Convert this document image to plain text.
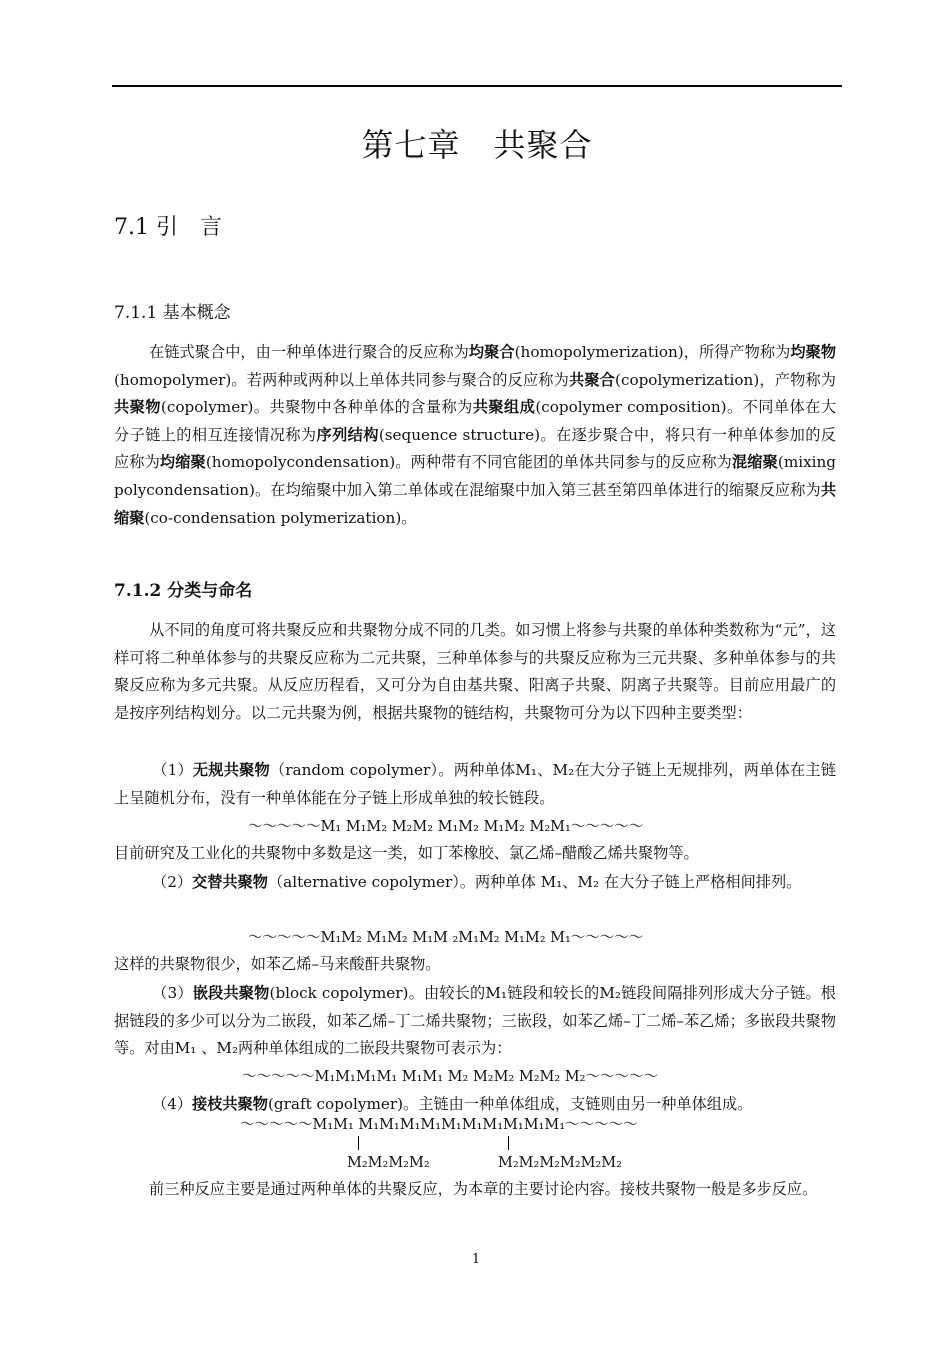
第七章　共聚合
7.1 引　言
7.1.1 基本概念
在链式聚合中，由一种单体进行聚合的反应称为均聚合(homopolymerization)，所得产物称为均聚物(homopolymer)。若两种或两种以上单体共同参与聚合的反应称为共聚合(copolymerization)，产物称为共聚物(copolymer)。共聚物中各种单体的含量称为共聚组成(copolymer composition)。不同单体在大分子链上的相互连接情况称为序列结构(sequence structure)。在逐步聚合中，将只有一种单体参加的反应称为均缩聚(homopolycondensation)。两种带有不同官能团的单体共同参与的反应称为混缩聚(mixing polycondensation)。在均缩聚中加入第二单体或在混缩聚中加入第三甚至第四单体进行的缩聚反应称为共缩聚(co-condensation polymerization)。
7.1.2 分类与命名
从不同的角度可将共聚反应和共聚物分成不同的几类。如习惯上将参与共聚的单体种类数称为“元”，这样可将二种单体参与的共聚反应称为二元共聚，三种单体参与的共聚反应称为三元共聚、多种单体参与的共聚反应称为多元共聚。从反应历程看，又可分为自由基共聚、阳离子共聚、阴离子共聚等。目前应用最广的是按序列结构划分。以二元共聚为例，根据共聚物的链结构，共聚物可分为以下四种主要类型：
（1）无规共聚物（random copolymer）。两种单体M₁、M₂在大分子链上无规排列，两单体在主链上呈随机分布，没有一种单体能在分子链上形成单独的较长链段。
～～～～～M₁ M₁M₂ M₂M₂ M₁M₂ M₁M₂ M₂M₁～～～～～
目前研究及工业化的共聚物中多数是这一类，如丁苯橡胶、氯乙烯–醋酸乙烯共聚物等。
（2）交替共聚物（alternative copolymer）。两种单体 M₁、M₂ 在大分子链上严格相间排列。
～～～～～M₁M₂ M₁M₂ M₁M ₂M₁M₂ M₁M₂ M₁～～～～～
这样的共聚物很少，如苯乙烯–马来酸酐共聚物。
（3）嵌段共聚物(block copolymer)。由较长的M₁链段和较长的M₂链段间隔排列形成大分子链。根据链段的多少可以分为二嵌段，如苯乙烯–丁二烯共聚物；三嵌段，如苯乙烯–丁二烯–苯乙烯；多嵌段共聚物等。对由M₁ 、M₂两种单体组成的二嵌段共聚物可表示为：
～～～～～M₁M₁M₁M₁ M₁M₁ M₂ M₂M₂ M₂M₂ M₂～～～～～
（4）接枝共聚物(graft copolymer)。主链由一种单体组成，支链则由另一种单体组成。
～～～～～M₁M₁ M₁M₁M₁M₁M₁M₁M₁M₁M₁M₁～～～～～
M₂M₂M₂M₂	M₂M₂M₂M₂M₂M₂
前三种反应主要是通过两种单体的共聚反应，为本章的主要讨论内容。接枝共聚物一般是多步反应。
1
